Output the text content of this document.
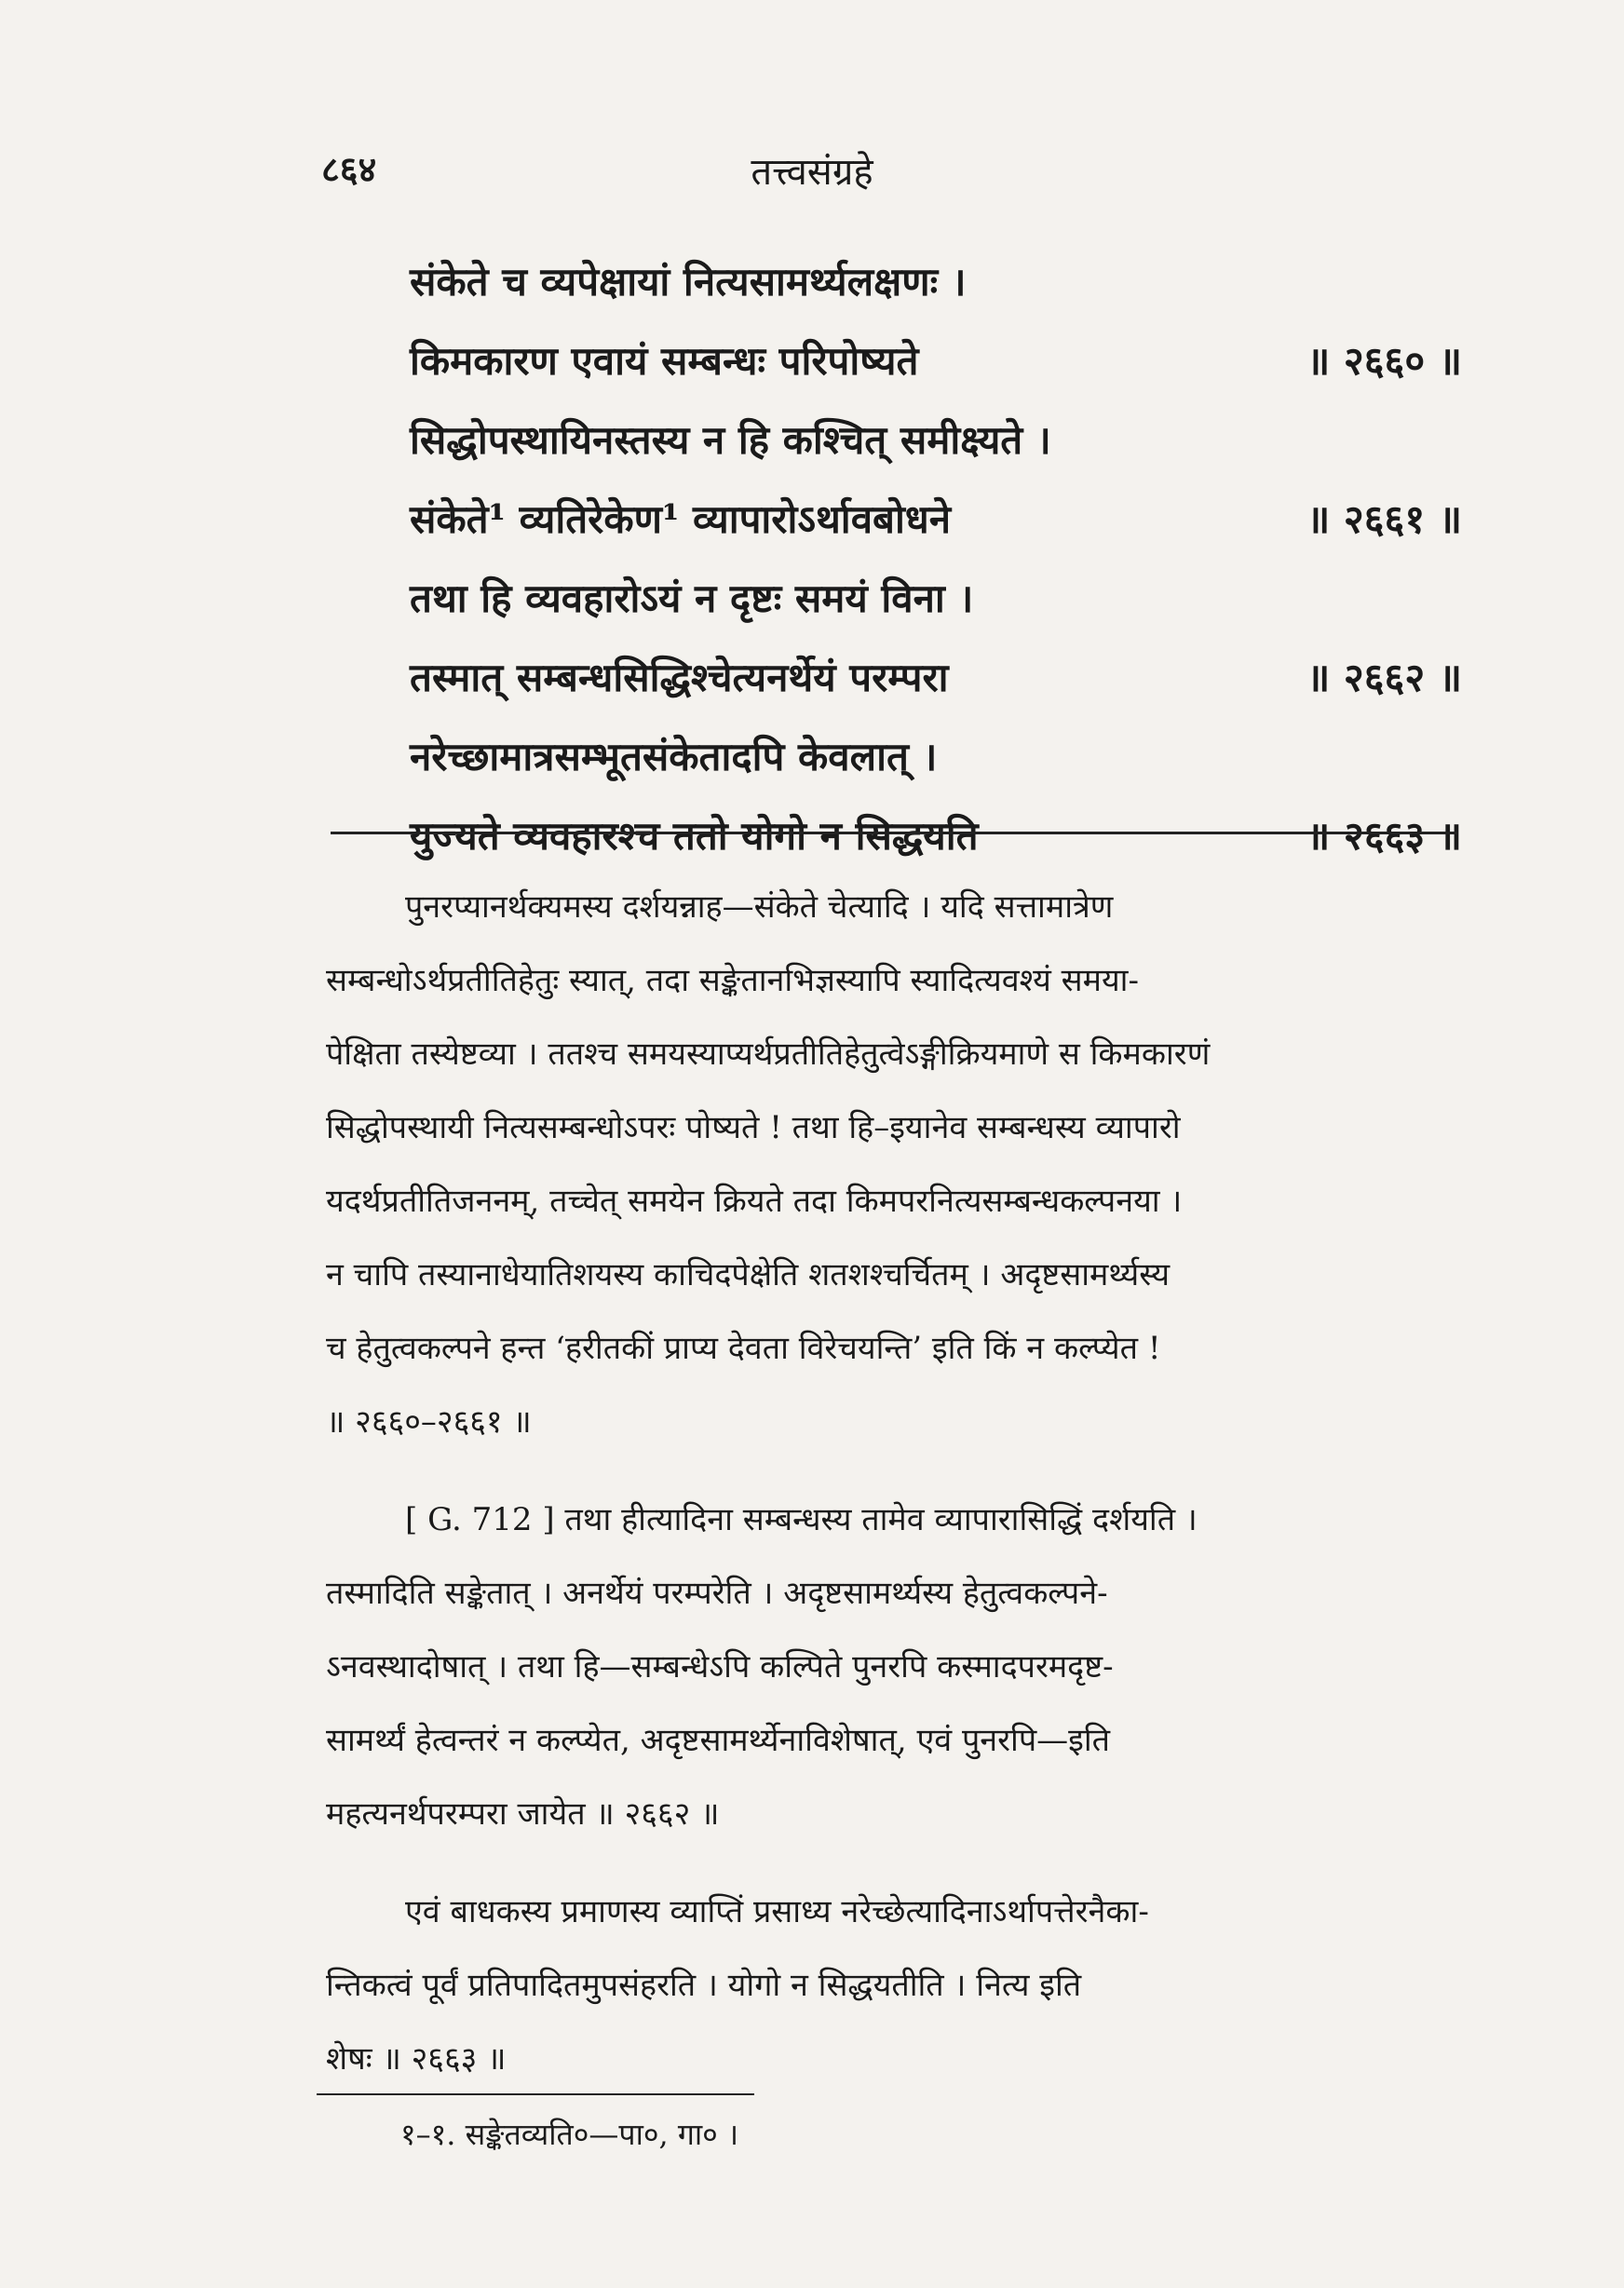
८६४	तत्त्वसंग्रहे
संकेते च व्यपेक्षायां नित्यसामर्थ्यलक्षणः ।
॥ २६६० ॥
किमकारण एवायं सम्बन्धः परिपोष्यते
सिद्धोपस्थायिनस्तस्य न हि कश्चित् समीक्ष्यते ।
॥ २६६१ ॥
संकेते¹ व्यतिरेकेण¹ व्यापारोऽर्थावबोधने
तथा हि व्यवहारोऽयं न दृष्टः समयं विना ।
॥ २६६२ ॥
तस्मात् सम्बन्धसिद्धिश्चेत्यनर्थेयं परम्परा
नरेच्छामात्रसम्भूतसंकेतादपि केवलात् ।
॥ २६६३ ॥
युज्यते व्यवहारश्च ततो योगो न सिद्धयति
पुनरप्यानर्थक्यमस्य दर्शयन्नाह—संकेते चेत्यादि । यदि सत्तामात्रेण
सम्बन्धोऽर्थप्रतीतिहेतुः स्यात्, तदा सङ्केतानभिज्ञस्यापि स्यादित्यवश्यं समया-
पेक्षिता तस्येष्टव्या । ततश्च समयस्याप्यर्थप्रतीतिहेतुत्वेऽङ्गीक्रियमाणे स किमकारणं
सिद्धोपस्थायी नित्यसम्बन्धोऽपरः पोष्यते ! तथा हि–इयानेव सम्बन्धस्य व्यापारो
यदर्थप्रतीतिजननम्, तच्चेत् समयेन क्रियते तदा किमपरनित्यसम्बन्धकल्पनया ।
न चापि तस्यानाधेयातिशयस्य काचिदपेक्षेति शतशश्चर्चितम् । अदृष्टसामर्थ्यस्य
च हेतुत्वकल्पने हन्त ‘हरीतकीं प्राप्य देवता विरेचयन्ति’ इति किं न कल्प्येत !
॥ २६६०–२६६१ ॥
[ G. 712 ] तथा हीत्यादिना सम्बन्धस्य तामेव व्यापारासिद्धिं दर्शयति ।
तस्मादिति सङ्केतात् । अनर्थेयं परम्परेति । अदृष्टसामर्थ्यस्य हेतुत्वकल्पने-
ऽनवस्थादोषात् । तथा हि—सम्बन्धेऽपि कल्पिते पुनरपि कस्मादपरमदृष्ट-
सामर्थ्यं हेत्वन्तरं न कल्प्येत, अदृष्टसामर्थ्येनाविशेषात्, एवं पुनरपि—इति
महत्यनर्थपरम्परा जायेत ॥ २६६२ ॥
एवं बाधकस्य प्रमाणस्य व्याप्तिं प्रसाध्य नरेच्छेत्यादिनाऽर्थापत्तेरनैका-
न्तिकत्वं पूर्वं प्रतिपादितमुपसंहरति । योगो न सिद्धयतीति । नित्य इति
शेषः ॥ २६६३ ॥
१–१. सङ्केतव्यति०—पा०, गा० ।
